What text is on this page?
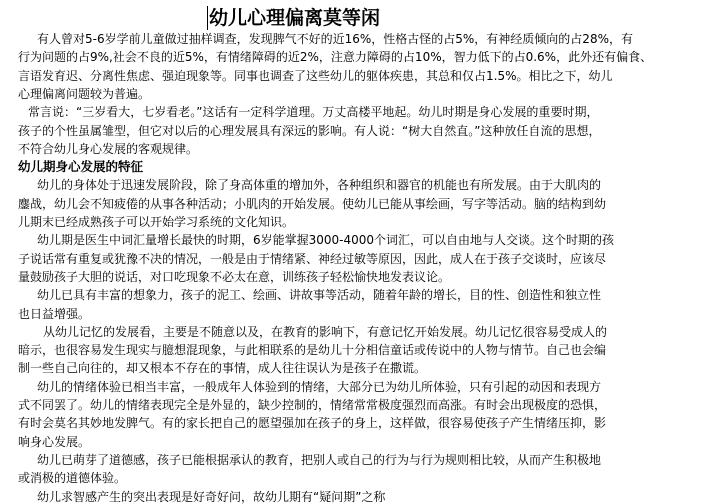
幼儿心理偏离莫等闲
有人曾对5-6岁学前儿童做过抽样调查，发现脾气不好的近16%，性格古怪的占5%，有神经质倾向的占28%，有
行为问题的占9%,社会不良的近5%，有情绪障碍的近2%，注意力障碍的占10%，智力低下的占0.6%，此外还有偏食、
言语发育迟、分离性焦虑、强迫现象等。同事也调查了这些幼儿的躯体疾患，其总和仅占1.5%。相比之下，幼儿
心理偏离问题较为普遍。
常言说：“三岁看大，七岁看老。”这话有一定科学道理。万丈高楼平地起。幼儿时期是身心发展的重要时期，
孩子的个性虽属雏型，但它对以后的心理发展具有深远的影响。有人说：“树大自然直。”这种放任自流的思想，
不符合幼儿身心发展的客观规律。
幼儿期身心发展的特征
幼儿的身体处于迅速发展阶段，除了身高体重的增加外，各种组织和器官的机能也有所发展。由于大肌肉的
鏖战，幼儿会不知疲倦的从事各种活动；小肌肉的开始发展。使幼儿已能从事绘画，写字等活动。脑的结构到幼
儿期末已经成熟孩子可以开始学习系统的文化知识。
幼儿期是医生中词汇量增长最快的时期，6岁能掌握3000-4000个词汇，可以自由地与人交谈。这个时期的孩
子说话常有重复或犹豫不决的情况，一般是由于情绪紧、神经过敏等原因，因此，成人在于孩子交谈时，应该尽
量鼓励孩子大胆的说话，对口吃现象不必太在意，训练孩子轻松愉快地发表议论。
幼儿已具有丰富的想象力，孩子的泥工、绘画、讲故事等活动，随着年龄的增长，目的性、创造性和独立性
也日益增强。
从幼儿记忆的发展看，主要是不随意以及，在教育的影响下，有意记忆开始发展。幼儿记忆很容易受成人的
暗示，也很容易发生现实与臆想混现象，与此相联系的是幼儿十分相信童话或传说中的人物与情节。自己也会编
制一些自己向往的，却又根本不存在的事情，成人往往误认为是孩子在撒谎。
幼儿的情绪体验已相当丰富，一般成年人体验到的情绪，大部分已为幼儿所体验，只有引起的动因和表现方
式不同罢了。幼儿的情绪表现完全是外显的，缺少控制的，情绪常常极度强烈而高涨。有时会出现极度的恐惧，
有时会莫名其妙地发脾气。有的家长把自己的愿望强加在孩子的身上，这样做，很容易使孩子产生情绪压抑，影
响身心发展。
幼儿已萌芽了道德感，孩子已能根据承认的教育，把别人或自己的行为与行为规则相比较，从而产生积极地
或消极的道德体验。
幼儿求智感产生的突出表现是好奇好问，故幼儿期有“疑问期”之称
